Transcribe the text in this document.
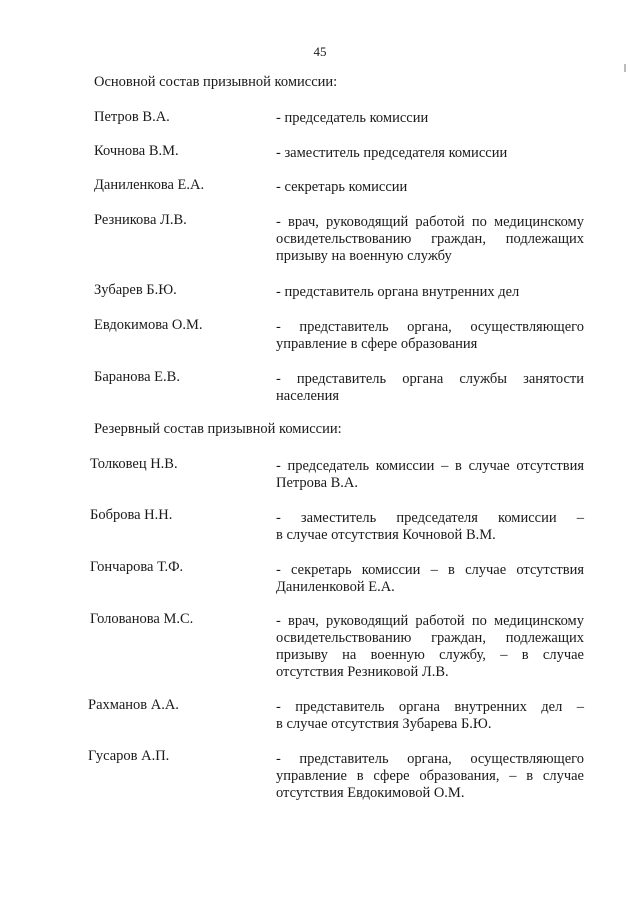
45
Основной состав призывной комиссии:
Петров В.А.	- председатель комиссии
Кочнова В.М.	- заместитель председателя комиссии
Даниленкова Е.А.	- секретарь комиссии
Резникова Л.В.	- врач, руководящий работой по медицинскому
освидетельствованию граждан, подлежащих
призыву на военную службу
Зубарев Б.Ю.	- представитель органа внутренних дел
Евдокимова О.М.	- представитель органа, осуществляющего
управление в сфере образования
Баранова Е.В.	- представитель органа службы занятости
населения
Резервный состав призывной комиссии:
Толковец Н.В.	- председатель комиссии – в случае отсутствия
Петрова В.А.
Боброва Н.Н.	- заместитель председателя комиссии –
в случае отсутствия Кочновой В.М.
Гончарова Т.Ф.	- секретарь комиссии – в случае отсутствия
Даниленковой Е.А.
Голованова М.С.	- врач, руководящий работой по медицинскому
освидетельствованию граждан, подлежащих
призыву на военную службу, – в случае
отсутствия Резниковой Л.В.
Рахманов А.А.	- представитель органа внутренних дел –
в случае отсутствия Зубарева Б.Ю.
Гусаров А.П.	- представитель органа, осуществляющего
управление в сфере образования, – в случае
отсутствия Евдокимовой О.М.
